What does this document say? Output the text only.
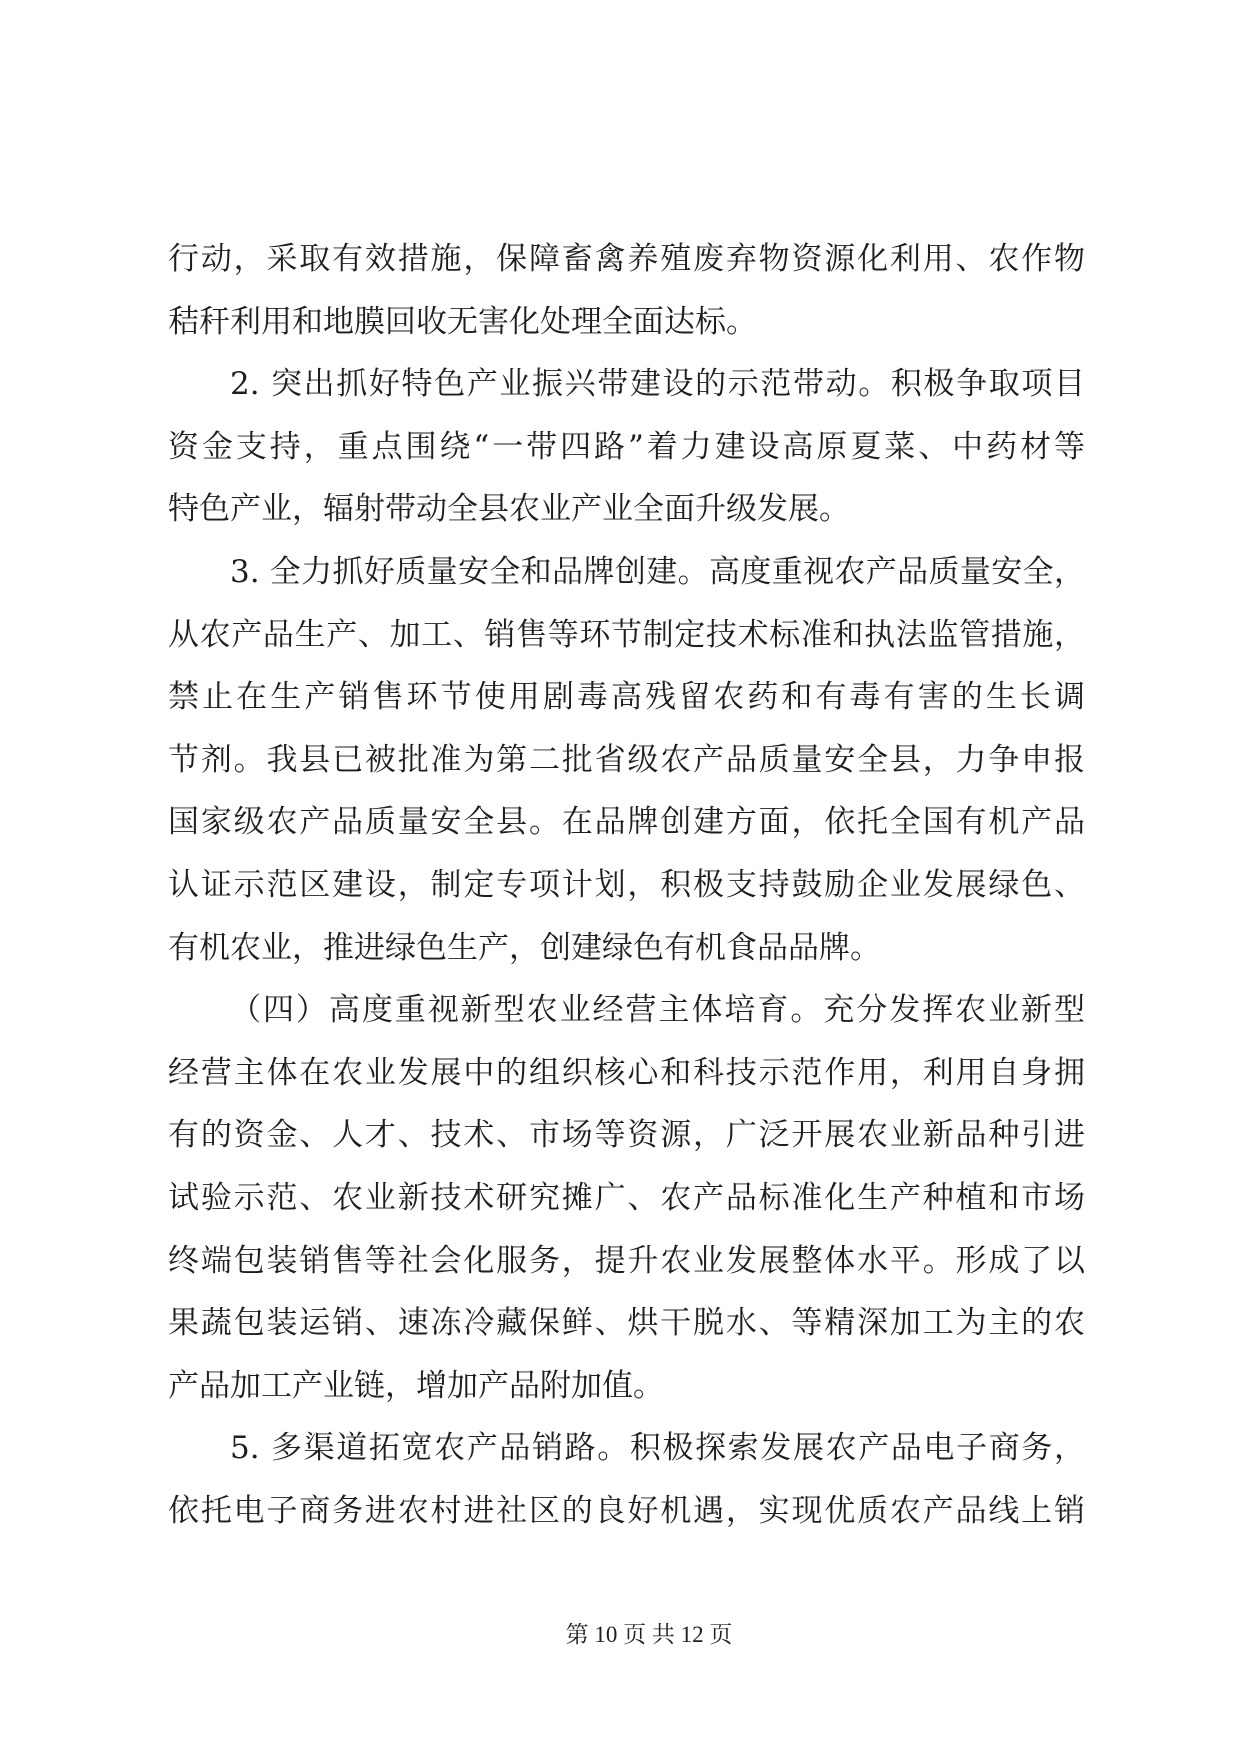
行动，采取有效措施，保障畜禽养殖废弃物资源化利用、农作物
秸秆利用和地膜回收无害化处理全面达标。
2. 突出抓好特色产业振兴带建设的示范带动。积极争取项目
资金支持，重点围绕“一带四路”着力建设高原夏菜、中药材等
特色产业，辐射带动全县农业产业全面升级发展。
3. 全力抓好质量安全和品牌创建。高度重视农产品质量安全，
从农产品生产、加工、销售等环节制定技术标准和执法监管措施，
禁止在生产销售环节使用剧毒高残留农药和有毒有害的生长调
节剂。我县已被批准为第二批省级农产品质量安全县，力争申报
国家级农产品质量安全县。在品牌创建方面，依托全国有机产品
认证示范区建设，制定专项计划，积极支持鼓励企业发展绿色、
有机农业，推进绿色生产，创建绿色有机食品品牌。
（四）高度重视新型农业经营主体培育。充分发挥农业新型
经营主体在农业发展中的组织核心和科技示范作用，利用自身拥
有的资金、人才、技术、市场等资源，广泛开展农业新品种引进
试验示范、农业新技术研究摊广、农产品标准化生产种植和市场
终端包装销售等社会化服务，提升农业发展整体水平。形成了以
果蔬包装运销、速冻冷藏保鲜、烘干脱水、等精深加工为主的农
产品加工产业链，增加产品附加值。
5. 多渠道拓宽农产品销路。积极探索发展农产品电子商务，
依托电子商务进农村进社区的良好机遇，实现优质农产品线上销
第 10 页 共 12 页
